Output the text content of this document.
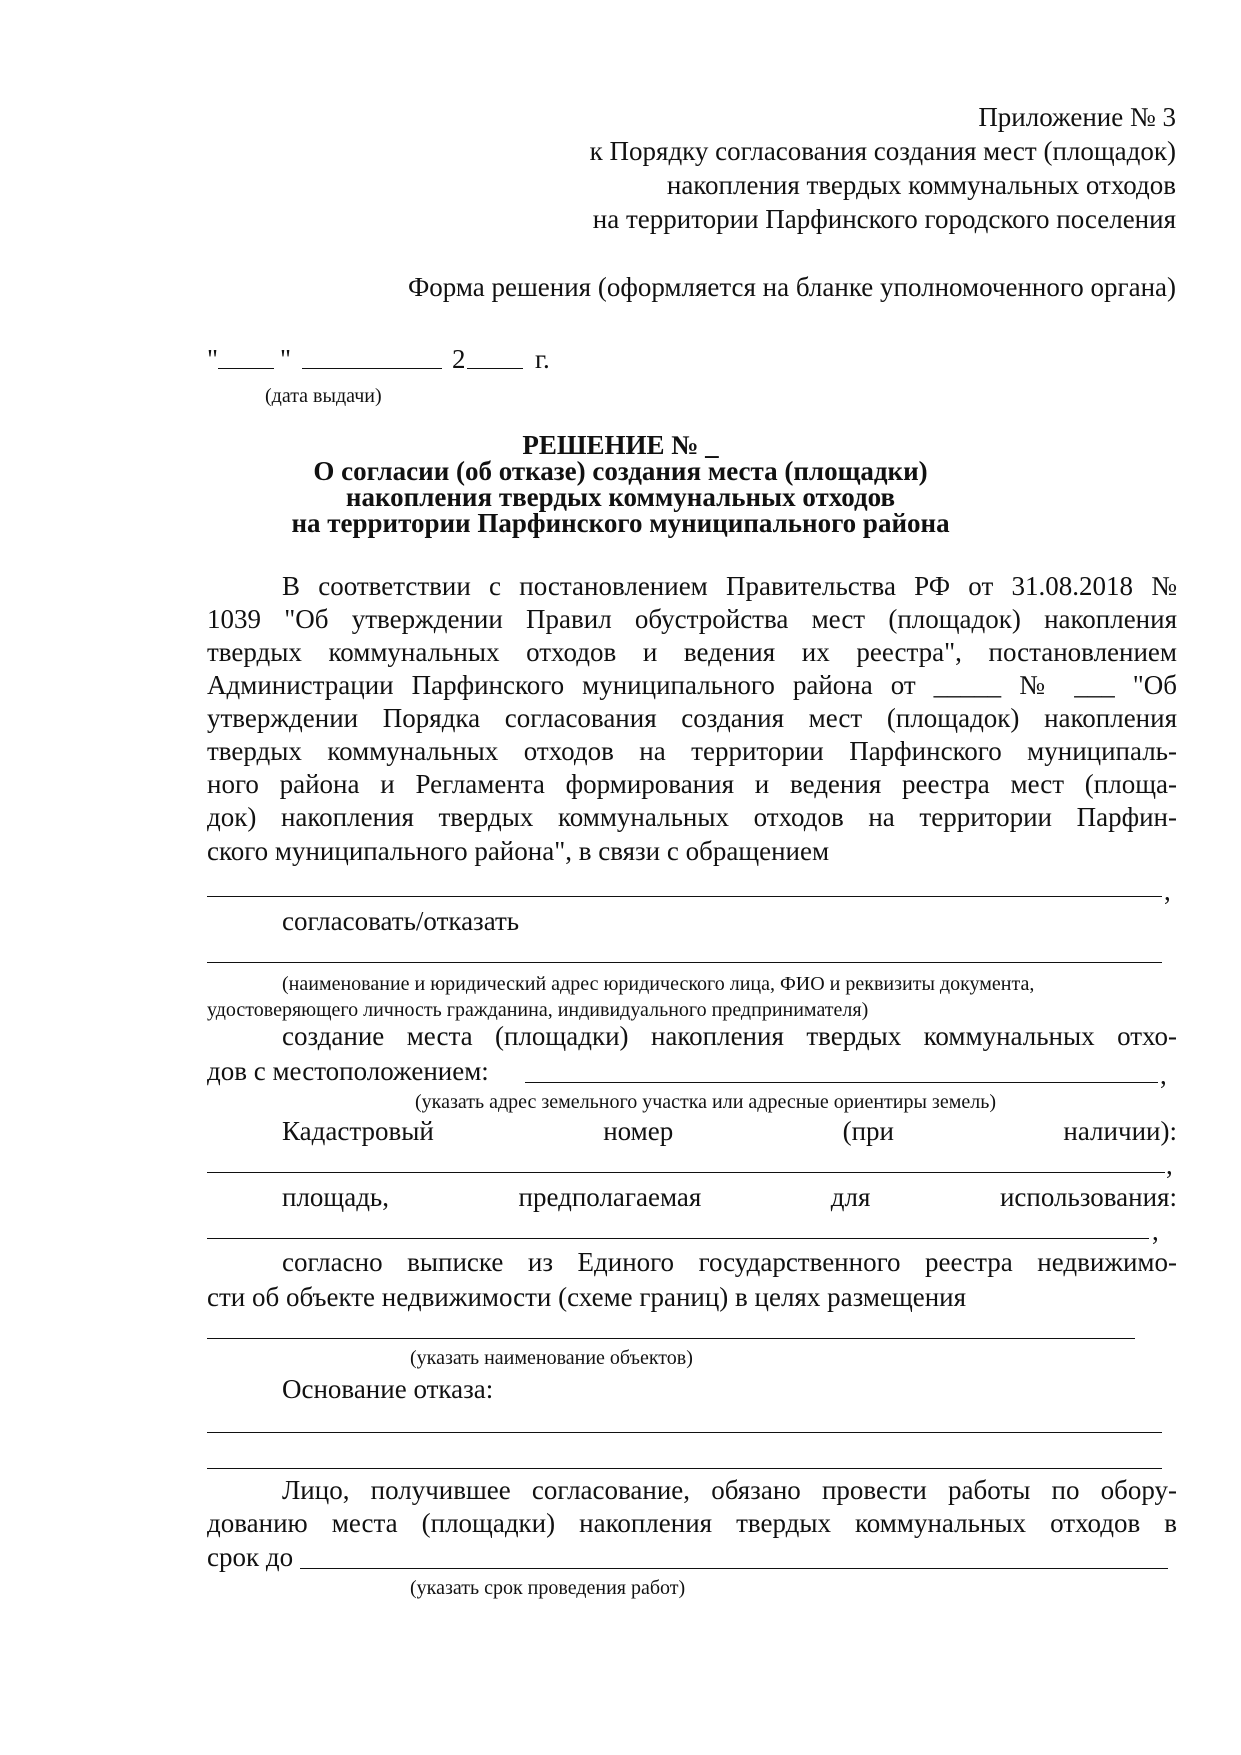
Приложение № 3
к Порядку согласования создания мест (площадок)
накопления твердых коммунальных отходов
на территории Парфинского городского поселения
Форма решения (оформляется на бланке уполномоченного органа)
" "	2	г.
(дата выдачи)
РЕШЕНИЕ № _
О согласии (об отказе) создания места (площадки)
накопления твердых коммунальных отходов
на территории Парфинского муниципального района
В соответствии с постановлением Правительства РФ от 31.08.2018 №
1039 "Об утверждении Правил обустройства мест (площадок) накопления
твердых коммунальных отходов и ведения их реестра", постановлением
Администрации Парфинского муниципального района от _____ № ___ "Об
утверждении Порядка согласования создания мест (площадок) накопления
твердых коммунальных отходов на территории Парфинского муниципаль-
ного района и Регламента формирования и ведения реестра мест (площа-
док) накопления твердых коммунальных отходов на территории Парфин-
ского муниципального района", в связи с обращением
,
согласовать/отказать
(наименование и юридический адрес юридического лица, ФИО и реквизиты документа,
удостоверяющего личность гражданина, индивидуального предпринимателя)
создание места (площадки) накопления твердых коммунальных отхо-
дов с местоположением:	,
(указать адрес земельного участка или адресные ориентиры земель)
Кадастровый	номер	(при	наличии):
,
площадь,	предполагаемая	для	использования:
,
согласно выписке из Единого государственного реестра недвижимо-
сти об объекте недвижимости (схеме границ) в целях размещения
(указать наименование объектов)
Основание отказа:
Лицо, получившее согласование, обязано провести работы по обору-
дованию места (площадки) накопления твердых коммунальных отходов в
срок до
(указать срок проведения работ)
